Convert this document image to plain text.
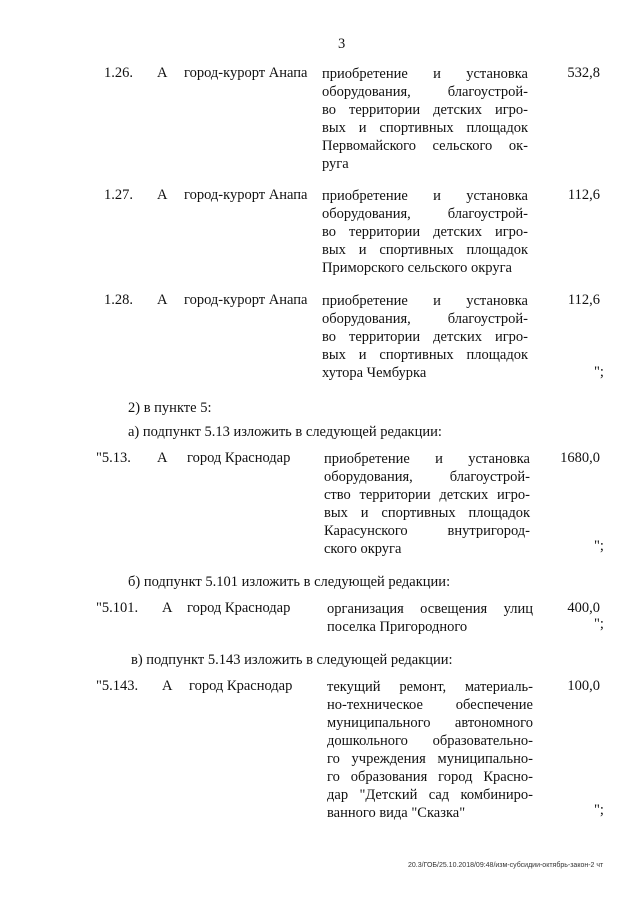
3
1.26. А город-курорт Анапа приобретение и установка
оборудования, благоустрой-
во территории детских игро-
вых и спортивных площадок
Первомайского сельского ок-
руга
532,8
1.27. А город-курорт Анапа приобретение и установка
оборудования, благоустрой-
во территории детских игро-
вых и спортивных площадок
Приморского сельского округа
112,6
1.28. А город-курорт Анапа приобретение и установка
оборудования, благоустрой-
во территории детских игро-
вых и спортивных площадок
хутора Чембурка
112,6
";
2) в пункте 5:
а) подпункт 5.13 изложить в следующей редакции:
"5.13. А город Краснодар приобретение и установка
оборудования, благоустрой-
ство территории детских игро-
вых и спортивных площадок
Карасунского внутригород-
ского округа
1680,0
";
б) подпункт 5.101 изложить в следующей редакции:
"5.101. А город Краснодар	организация освещения улиц
поселка Пригородного
400,0
";
в) подпункт 5.143 изложить в следующей редакции:
"5.143. А город Краснодар текущий ремонт, материаль-
но-техническое обеспечение
муниципального автономного
дошкольного образовательно-
го учреждения муниципально-
го образования город Красно-
дар "Детский сад комбиниро-
ванного вида "Сказка"
100,0
";
20.3/ГОБ/25.10.2018/09:48/изм-субсидии-октябрь-закон-2 чт
